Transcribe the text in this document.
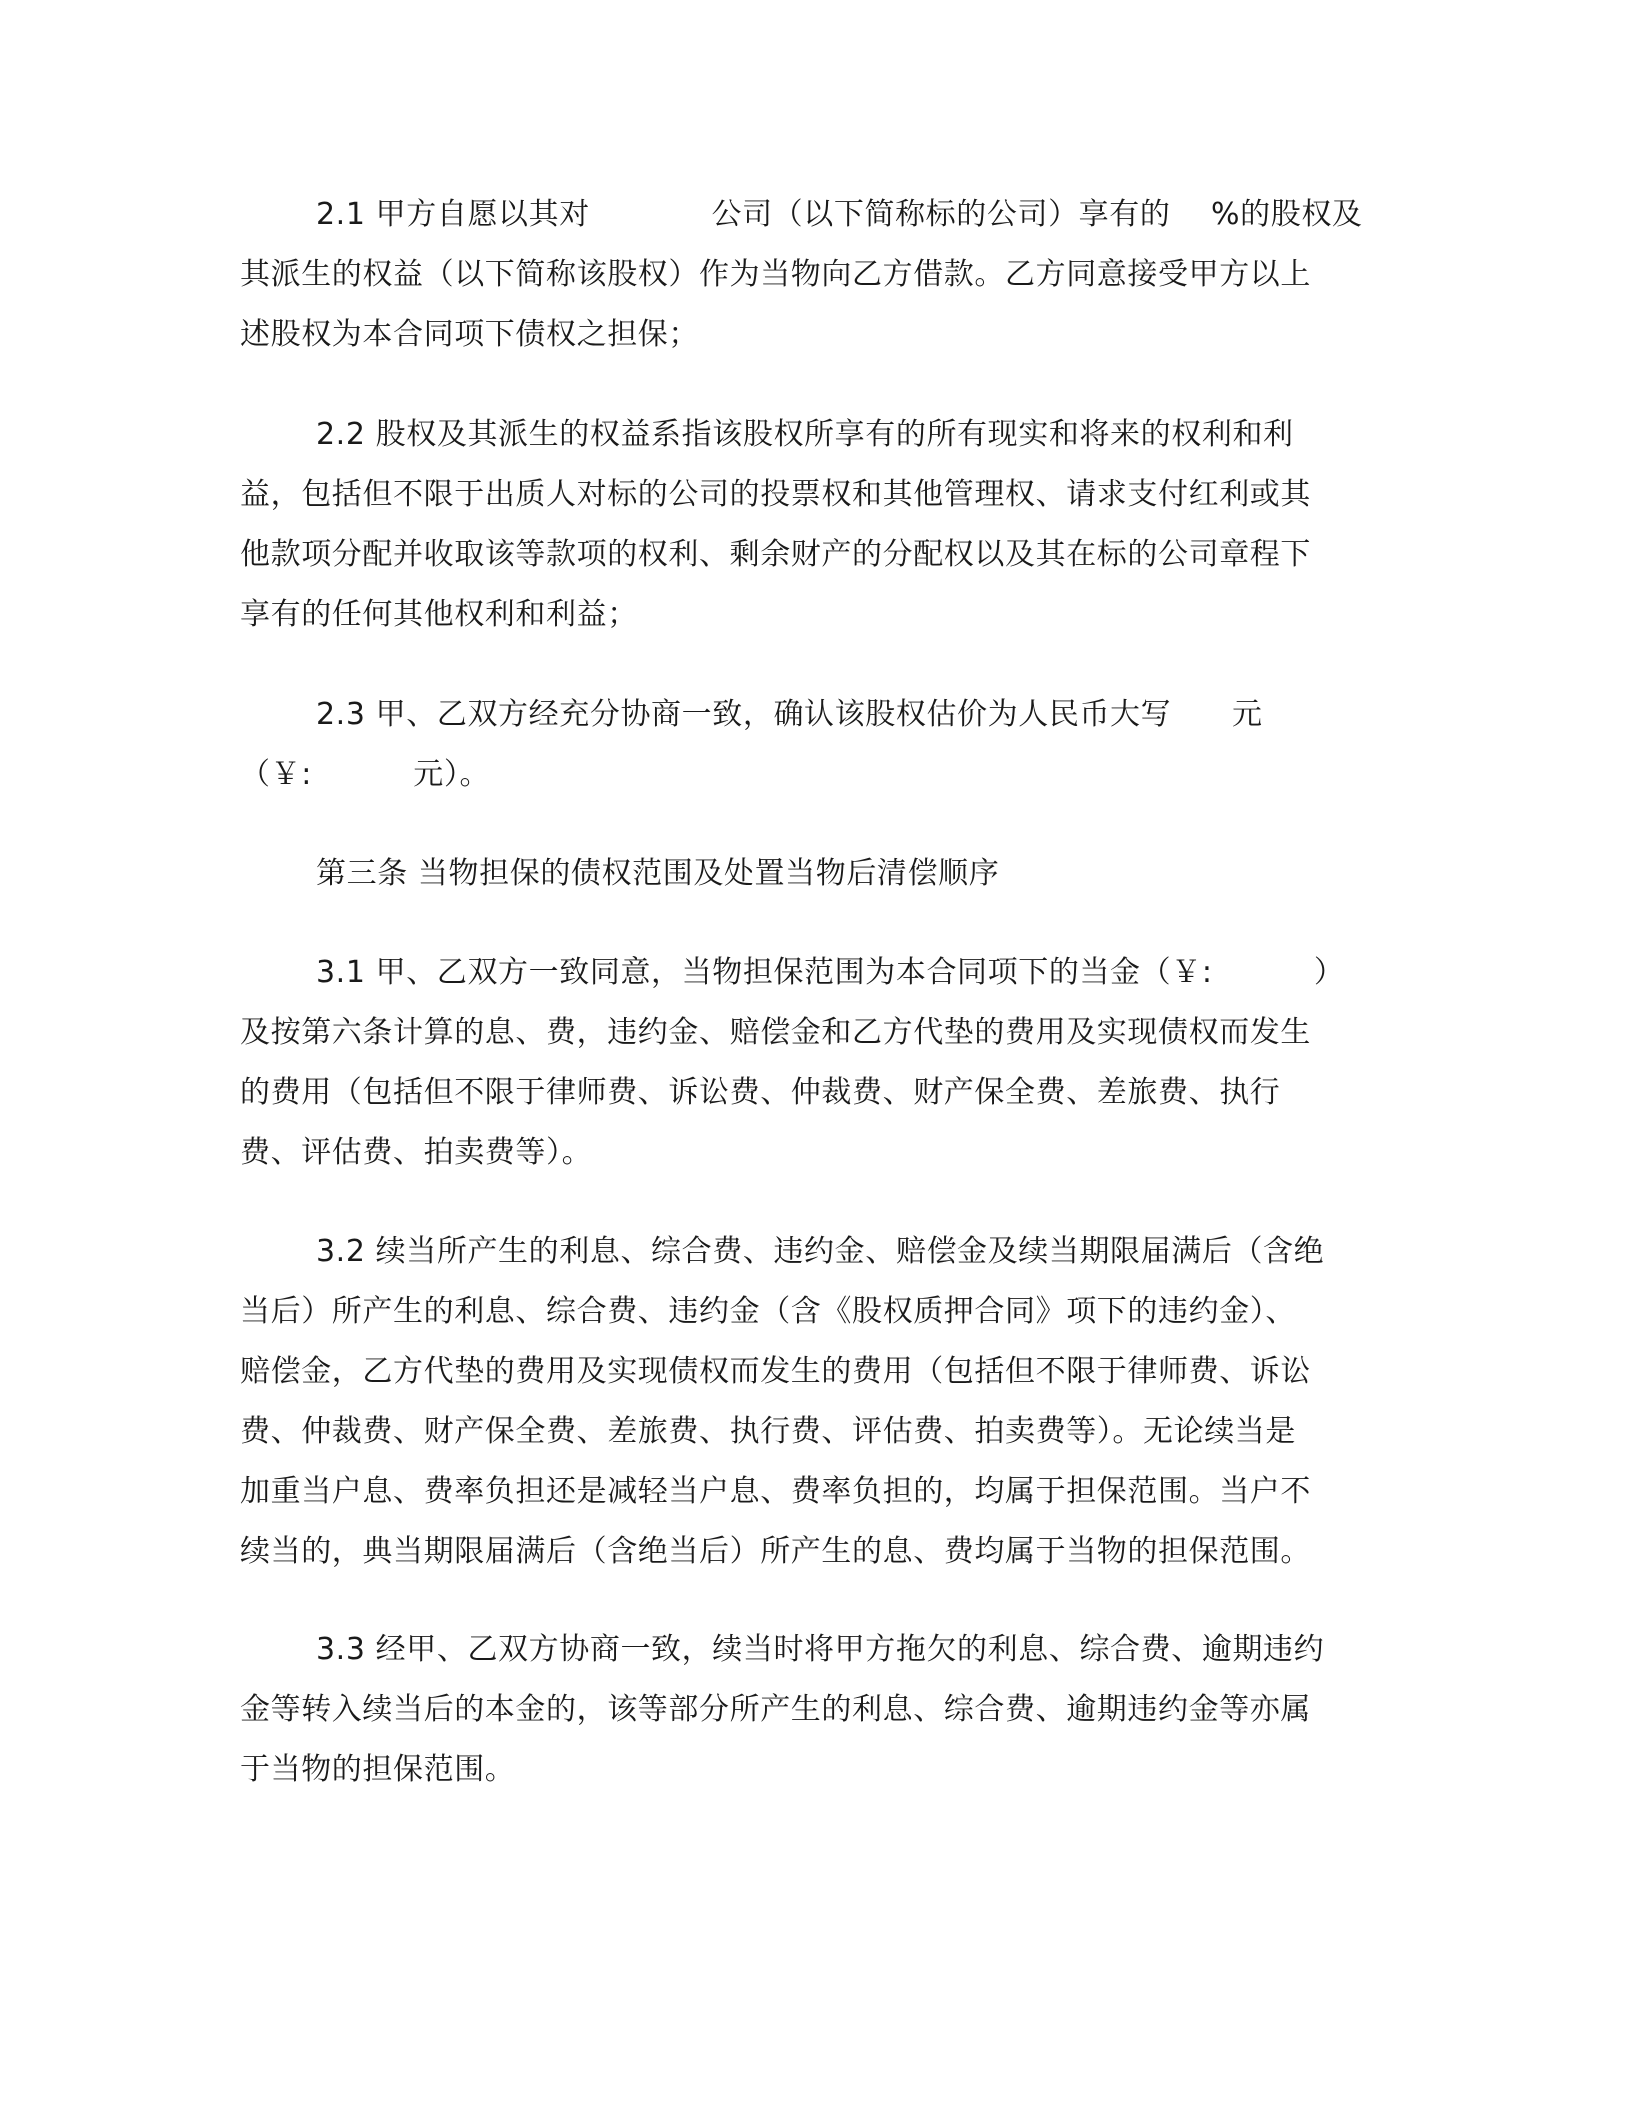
2.1 甲方自愿以其对            公司（以下简称标的公司）享有的    %的股权及
其派生的权益（以下简称该股权）作为当物向乙方借款。乙方同意接受甲方以上
述股权为本合同项下债权之担保；
2.2 股权及其派生的权益系指该股权所享有的所有现实和将来的权利和利
益，包括但不限于出质人对标的公司的投票权和其他管理权、请求支付红利或其
他款项分配并收取该等款项的权利、剩余财产的分配权以及其在标的公司章程下
享有的任何其他权利和利益；
2.3 甲、乙双方经充分协商一致，确认该股权估价为人民币大写      元
（￥:          元）。
第三条 当物担保的债权范围及处置当物后清偿顺序
3.1 甲、乙双方一致同意，当物担保范围为本合同项下的当金（￥:          ）
及按第六条计算的息、费，违约金、赔偿金和乙方代垫的费用及实现债权而发生
的费用（包括但不限于律师费、诉讼费、仲裁费、财产保全费、差旅费、执行
费、评估费、拍卖费等）。
3.2 续当所产生的利息、综合费、违约金、赔偿金及续当期限届满后（含绝
当后）所产生的利息、综合费、违约金（含《股权质押合同》项下的违约金）、
赔偿金，乙方代垫的费用及实现债权而发生的费用（包括但不限于律师费、诉讼
费、仲裁费、财产保全费、差旅费、执行费、评估费、拍卖费等）。无论续当是
加重当户息、费率负担还是减轻当户息、费率负担的，均属于担保范围。当户不
续当的，典当期限届满后（含绝当后）所产生的息、费均属于当物的担保范围。
3.3 经甲、乙双方协商一致，续当时将甲方拖欠的利息、综合费、逾期违约
金等转入续当后的本金的，该等部分所产生的利息、综合费、逾期违约金等亦属
于当物的担保范围。
